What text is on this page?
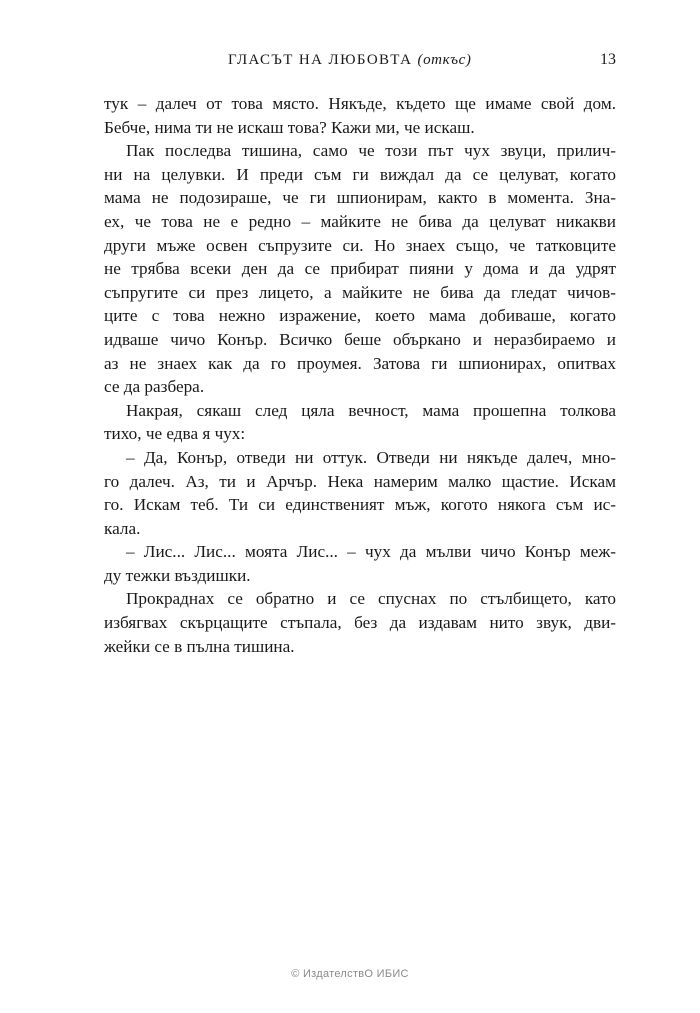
ГЛАСЪТ НА ЛЮБОВТА (откъс)	13
тук – далеч от това място. Някъде, където ще имаме свой дом.
Бебче, нима ти не искаш това? Кажи ми, че искаш.
Пак последва тишина, само че този път чух звуци, прилич-
ни на целувки. И преди съм ги виждал да се целуват, когато
мама не подозираше, че ги шпионирам, както в момента. Зна-
ех, че това не е редно – майките не бива да целуват никакви
други мъже освен съпрузите си. Но знаех също, че татковците
не трябва всеки ден да се прибират пияни у дома и да удрят
съпругите си през лицето, а майките не бива да гледат чичов-
ците с това нежно изражение, което мама добиваше, когато
идваше чичо Конър. Всичко беше объркано и неразбираемо и
аз не знаех как да го проумея. Затова ги шпионирах, опитвах
се да разбера.
Накрая, сякаш след цяла вечност, мама прошепна толкова
тихо, че едва я чух:
– Да, Конър, отведи ни оттук. Отведи ни някъде далеч, мно-
го далеч. Аз, ти и Арчър. Нека намерим малко щастие. Искам
го. Искам теб. Ти си единственият мъж, когото някога съм ис-
кала.
– Лис... Лис... моята Лис... – чух да мълви чичо Конър меж-
ду тежки въздишки.
Прокраднах се обратно и се спуснах по стълбището, като
избягвах скърцащите стъпала, без да издавам нито звук, дви-
жейки се в пълна тишина.
© ИздателствО ИБИС
